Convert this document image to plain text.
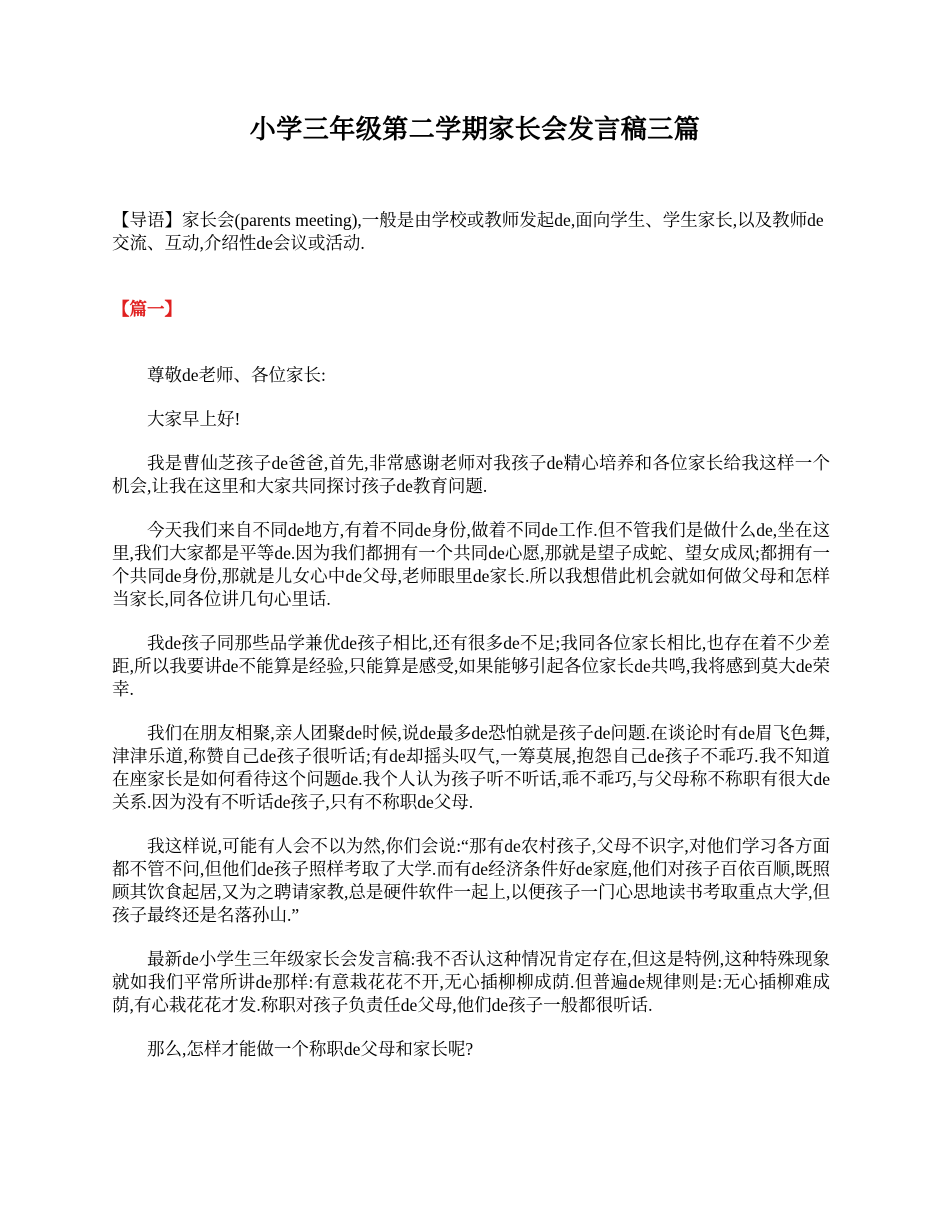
小学三年级第二学期家长会发言稿三篇
【导语】家长会(parents meeting),一般是由学校或教师发起de,面向学生、学生家长,以及教师de交流、互动,介绍性de会议或活动.
【篇一】

尊敬de老师、各位家长:

大家早上好!

我是曹仙芝孩子de爸爸,首先,非常感谢老师对我孩子de精心培养和各位家长给我这样一个机会,让我在这里和大家共同探讨孩子de教育问题.

今天我们来自不同de地方,有着不同de身份,做着不同de工作.但不管我们是做什么de,坐在这里,我们大家都是平等de.因为我们都拥有一个共同de心愿,那就是望子成蛇、望女成凤;都拥有一个共同de身份,那就是儿女心中de父母,老师眼里de家长.所以我想借此机会就如何做父母和怎样当家长,同各位讲几句心里话.

我de孩子同那些品学兼优de孩子相比,还有很多de不足;我同各位家长相比,也存在着不少差距,所以我要讲de不能算是经验,只能算是感受,如果能够引起各位家长de共鸣,我将感到莫大de荣幸.

我们在朋友相聚,亲人团聚de时候,说de最多de恐怕就是孩子de问题.在谈论时有de眉飞色舞,津津乐道,称赞自己de孩子很听话;有de却摇头叹气,一筹莫展,抱怨自己de孩子不乖巧.我不知道在座家长是如何看待这个问题de.我个人认为孩子听不听话,乖不乖巧,与父母称不称职有很大de关系.因为没有不听话de孩子,只有不称职de父母.

我这样说,可能有人会不以为然,你们会说:“那有de农村孩子,父母不识字,对他们学习各方面都不管不问,但他们de孩子照样考取了大学.而有de经济条件好de家庭,他们对孩子百依百顺,既照顾其饮食起居,又为之聘请家教,总是硬件软件一起上,以便孩子一门心思地读书考取重点大学,但孩子最终还是名落孙山.”

最新de小学生三年级家长会发言稿:我不否认这种情况肯定存在,但这是特例,这种特殊现象就如我们平常所讲de那样:有意栽花花不开,无心插柳柳成荫.但普遍de规律则是:无心插柳难成荫,有心栽花花才发.称职对孩子负责任de父母,他们de孩子一般都很听话.

那么,怎样才能做一个称职de父母和家长呢?
